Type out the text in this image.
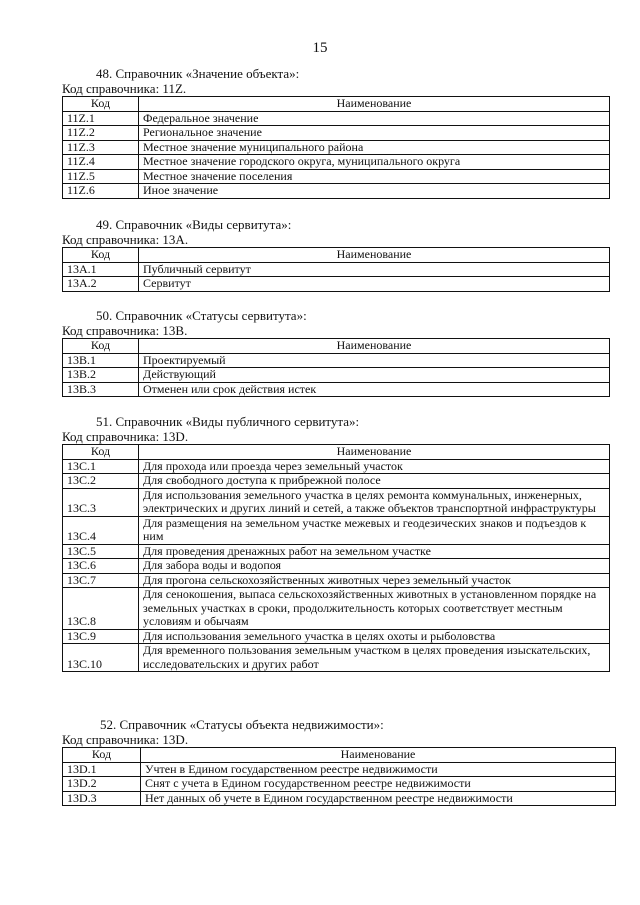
15
48. Справочник «Значение объекта»:
Код справочника: 11Z.
Код	Наименование
11Z.1	Федеральное значение
11Z.2	Региональное значение
11Z.3	Местное значение муниципального района
11Z.4	Местное значение городского округа, муниципального округа
11Z.5	Местное значение поселения
11Z.6	Иное значение
49. Справочник «Виды сервитута»:
Код справочника: 13A.
Код	Наименование
13A.1	Публичный сервитут
13A.2	Сервитут
50. Справочник «Статусы сервитута»:
Код справочника: 13B.
Код	Наименование
13B.1	Проектируемый
13B.2	Действующий
13B.3	Отменен или срок действия истек
51. Справочник «Виды публичного сервитута»:
Код справочника: 13D.
Код	Наименование
13C.1	Для прохода или проезда через земельный участок
13C.2	Для свободного доступа к прибрежной полосе
13C.3	Для использования земельного участка в целях ремонта коммунальных, инженерных, электрических и других линий и сетей, а также объектов транспортной инфраструктуры
13C.4	Для размещения на земельном участке межевых и геодезических знаков и подъездов к ним
13C.5	Для проведения дренажных работ на земельном участке
13C.6	Для забора воды и водопоя
13C.7	Для прогона сельскохозяйственных животных через земельный участок
13C.8	Для сенокошения, выпаса сельскохозяйственных животных в установленном порядке на земельных участках в сроки, продолжительность которых соответствует местным условиям и обычаям
13C.9	Для использования земельного участка в целях охоты и рыболовства
13C.10	Для временного пользования земельным участком в целях проведения изыскательских, исследовательских и других работ
52. Справочник «Статусы объекта недвижимости»:
Код справочника: 13D.
Код	Наименование
13D.1	Учтен в Едином государственном реестре недвижимости
13D.2	Снят с учета в Едином государственном реестре недвижимости
13D.3	Нет данных об учете в Едином государственном реестре недвижимости
